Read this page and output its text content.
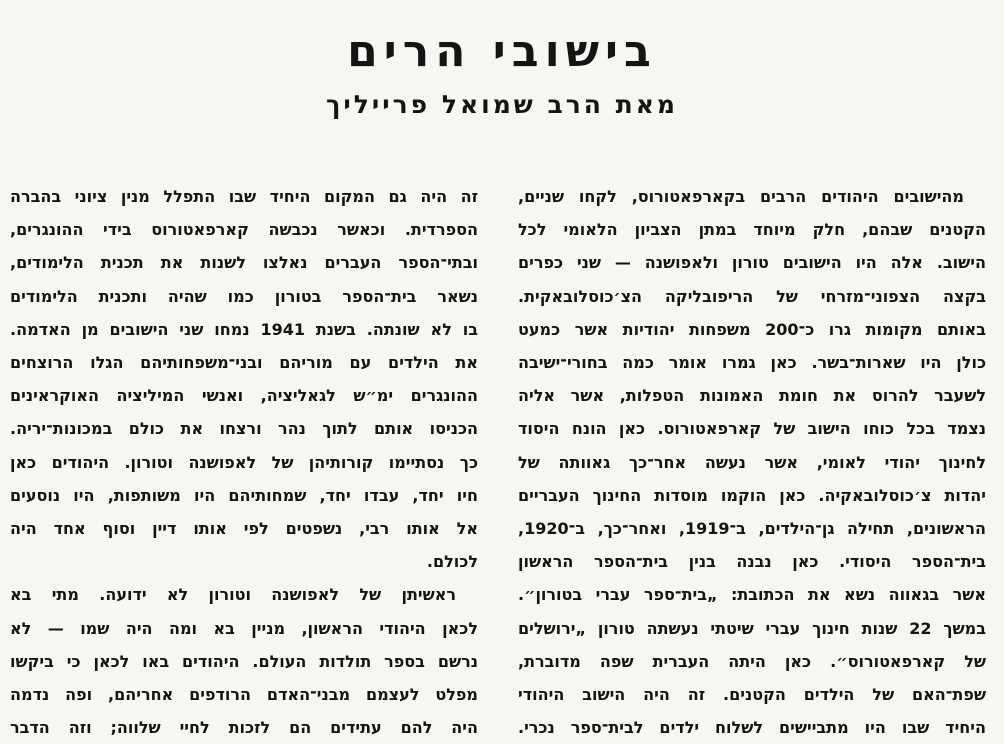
בישובי הרים
מאת הרב שמואל פרייליך
מהישובים היהודים הרבים בקארפאטורוס, לקחו שניים,
הקטנים שבהם, חלק מיוחד במתן הצביון הלאומי לכל
הישוב. אלה היו הישובים טורון ולאפושנה — שני כפרים
בקצה הצפוני־מזרחי של הריפובליקה הצ׳כוסלובאקית.
באותם מקומות גרו כ־200 משפחות יהודיות אשר כמעט
כולן היו שארות־בשר. כאן גמרו אומר כמה בחורי־ישיבה
לשעבר להרוס את חומת האמונות הטפלות, אשר אליה
נצמד בכל כוחו הישוב של קארפאטורוס. כאן הונח היסוד
לחינוך יהודי לאומי, אשר נעשה אחר־כך גאוותה של
יהדות צ׳כוסלובאקיה. כאן הוקמו מוסדות החינוך העבריים
הראשונים, תחילה גן־הילדים, ב־1919, ואחר־כך, ב־1920,
בית־הספר היסודי. כאן נבנה בנין בית־הספר הראשון
אשר בגאווה נשא את הכתובת: „בית־ספר עברי בטורון״.
במשך 22 שנות חינוך עברי שיטתי נעשתה טורון „ירושלים
של קארפאטורוס״. כאן היתה העברית שפה מדוברת,
שפת־האם של הילדים הקטנים. זה היה הישוב היהודי
היחיד שבו היו מתביישים לשלוח ילדים לבית־ספר נכרי.
זה היה גם המקום היחיד שבו התפלל מנין ציוני בהברה
הספרדית. וכאשר נכבשה קארפאטורוס בידי ההונגרים,
ובתי־הספר העברים נאלצו לשנות את תכנית הלימודים,
נשאר בית־הספר בטורון כמו שהיה ותכנית הלימודים
בו לא שונתה. בשנת 1941 נמחו שני הישובים מן האדמה.
את הילדים עם מוריהם ובני־משפחותיהם הגלו הרוצחים
ההונגרים ימ״ש לגאליציה, ואנשי המיליציה האוקראינים
הכניסו אותם לתוך נהר ורצחו את כולם במכונות־יריה.
כך נסתיימו קורותיהן של לאפושנה וטורון. היהודים כאן
חיו יחד, עבדו יחד, שמחותיהם היו משותפות, היו נוסעים
אל אותו רבי, נשפטים לפי אותו דיין וסוף אחד היה
לכולם.
ראשיתן של לאפושנה וטורון לא ידועה. מתי בא
לכאן היהודי הראשון, מניין בא ומה היה שמו — לא
נרשם בספר תולדות העולם. היהודים באו לכאן כי ביקשו
מפלט לעצמם מבני־האדם הרודפים אחריהם, ופה נדמה
היה להם עתידים הם לזכות לחיי שלווה; וזה הדבר
